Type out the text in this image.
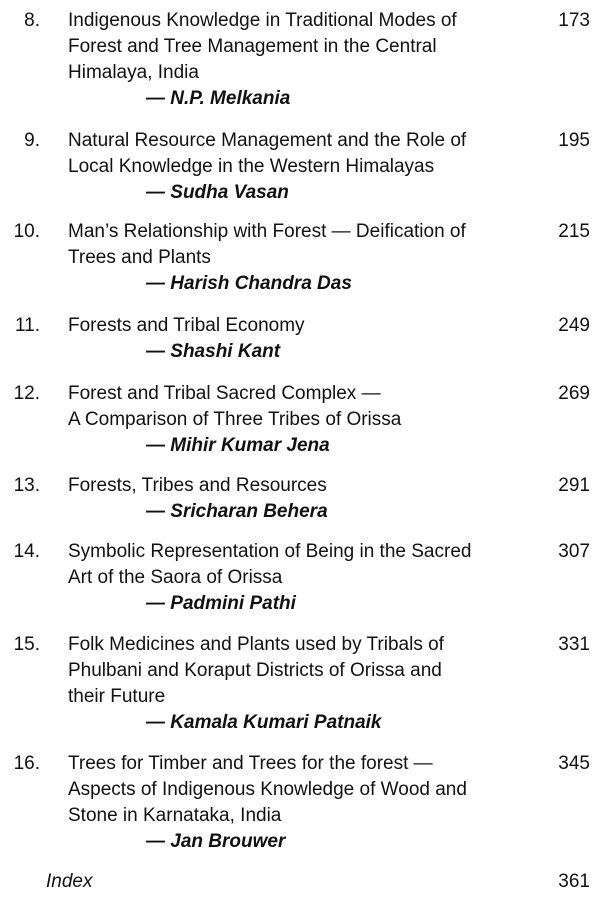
8. Indigenous Knowledge in Traditional Modes of
Forest and Tree Management in the Central
Himalaya, India
— N.P. Melkania
173
9. Natural Resource Management and the Role of
Local Knowledge in the Western Himalayas
— Sudha Vasan
195
10. Man’s Relationship with Forest — Deification of
Trees and Plants
— Harish Chandra Das
215
11. Forests and Tribal Economy
— Shashi Kant
249
12. Forest and Tribal Sacred Complex —
A Comparison of Three Tribes of Orissa
— Mihir Kumar Jena
269
13. Forests, Tribes and Resources
— Sricharan Behera
291
14. Symbolic Representation of Being in the Sacred
Art of the Saora of Orissa
— Padmini Pathi
307
15. Folk Medicines and Plants used by Tribals of
Phulbani and Koraput Districts of Orissa and
their Future
— Kamala Kumari Patnaik
331
16. Trees for Timber and Trees for the forest —
Aspects of Indigenous Knowledge of Wood and
Stone in Karnataka, India
— Jan Brouwer
345
Index	361
